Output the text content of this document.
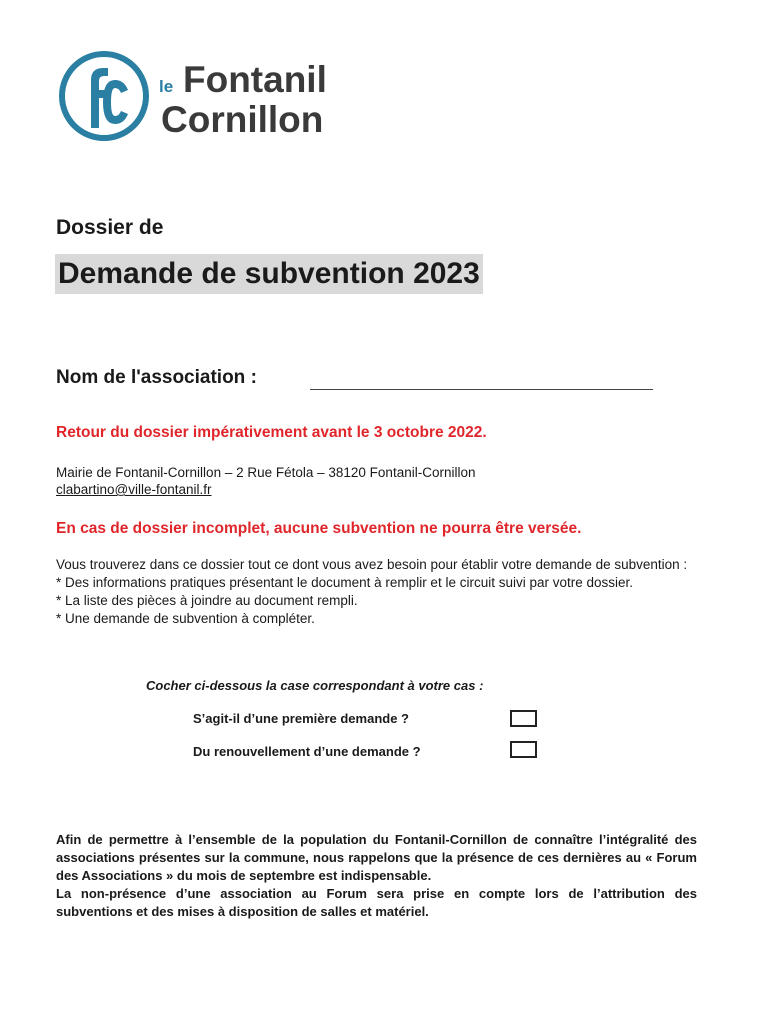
le Fontanil
Cornillon
Dossier de
Demande de subvention 2023
Nom de l'association :
Retour du dossier impérativement avant le 3 octobre 2022.
Mairie de Fontanil-Cornillon – 2 Rue Fétola – 38120 Fontanil-Cornillon
clabartino@ville-fontanil.fr
En cas de dossier incomplet, aucune subvention ne pourra être versée.

Vous trouverez dans ce dossier tout ce dont vous avez besoin pour établir votre demande de subvention :

* Des informations pratiques présentant le document à remplir et le circuit suivi par votre dossier.

* La liste des pièces à joindre au document rempli.

* Une demande de subvention à compléter.

Cocher ci-dessous la case correspondant à votre cas :
S’agit-il d’une première demande ?
Du renouvellement d’une demande ?

Afin de permettre à l’ensemble de la population du Fontanil-Cornillon de connaître l’intégralité des associations présentes sur la commune, nous rappelons que la présence de ces dernières au « Forum des Associations » du mois de septembre est indispensable.

La non-présence d’une association au Forum sera prise en compte lors de l’attribution des subventions et des mises à disposition de salles et matériel.
